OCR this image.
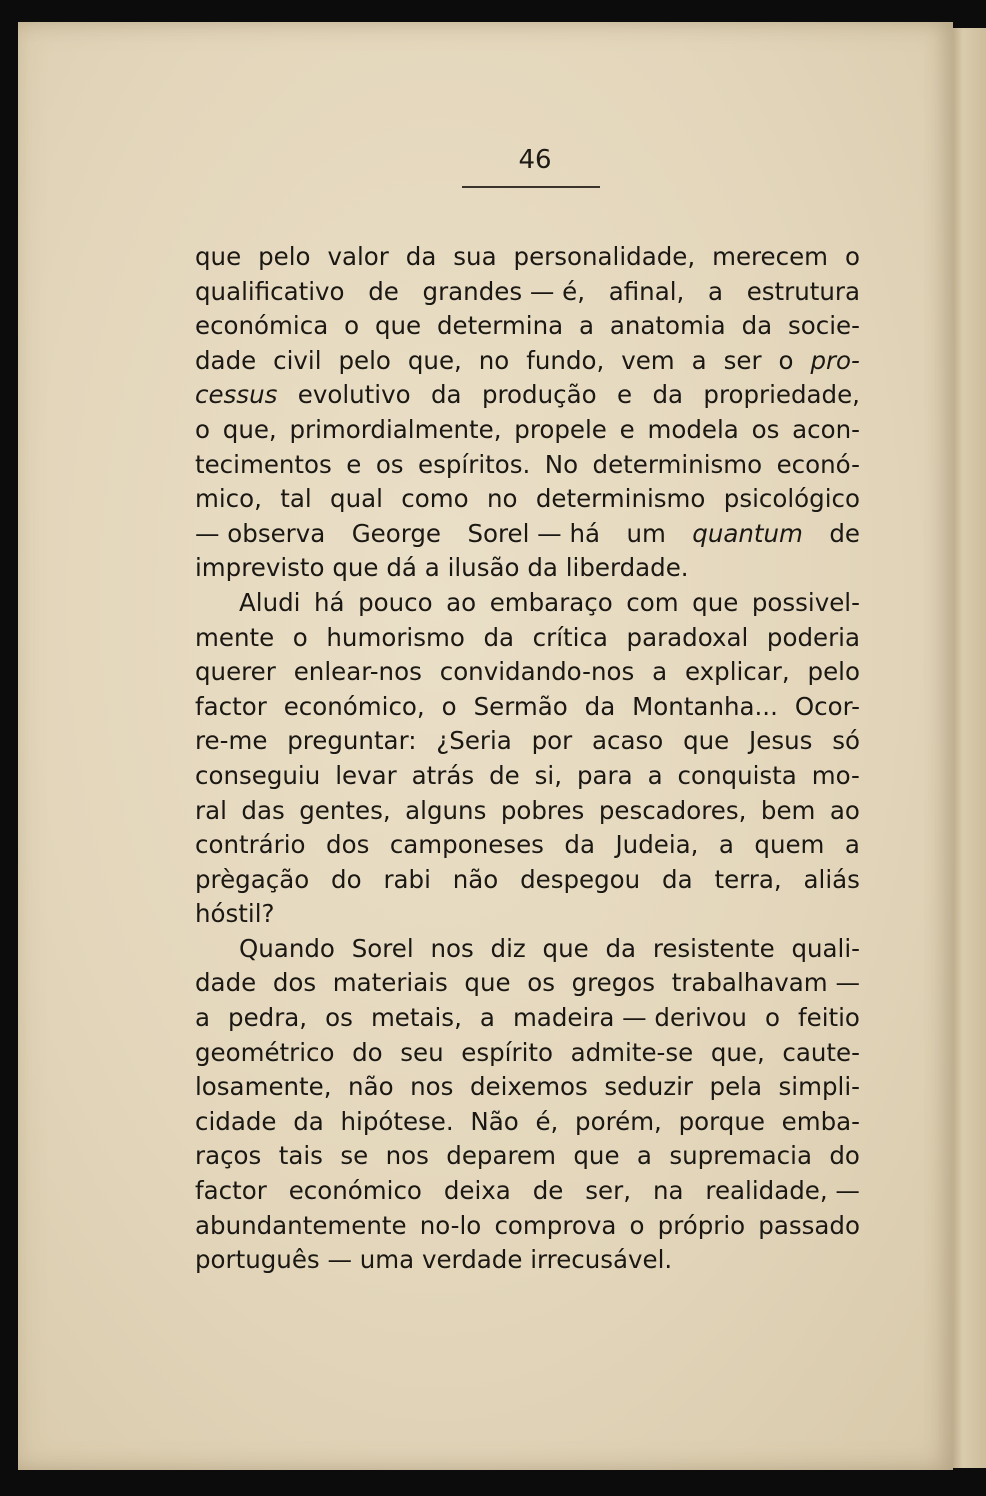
46
que pelo valor da sua personalidade, merecem o
qualificativo de grandes — é, afinal, a estrutura
económica o que determina a anatomia da socie-
dade civil pelo que, no fundo, vem a ser o pro-
cessus evolutivo da produção e da propriedade,
o que, primordialmente, propele e modela os acon-
tecimentos e os espíritos. No determinismo econó-
mico, tal qual como no determinismo psicológico
— observa George Sorel — há um quantum de
imprevisto que dá a ilusão da liberdade.
Aludi há pouco ao embaraço com que possivel-
mente o humorismo da crítica paradoxal poderia
querer enlear-nos convidando-nos a explicar, pelo
factor económico, o Sermão da Montanha... Ocor-
re-me preguntar: ¿Seria por acaso que Jesus só
conseguiu levar atrás de si, para a conquista mo-
ral das gentes, alguns pobres pescadores, bem ao
contrário dos camponeses da Judeia, a quem a
prègação do rabi não despegou da terra, aliás
hóstil?
Quando Sorel nos diz que da resistente quali-
dade dos materiais que os gregos trabalhavam —
a pedra, os metais, a madeira — derivou o feitio
geométrico do seu espírito admite-se que, caute-
losamente, não nos deixemos seduzir pela simpli-
cidade da hipótese. Não é, porém, porque emba-
raços tais se nos deparem que a supremacia do
factor económico deixa de ser, na realidade, —
abundantemente no-lo comprova o próprio passado
português — uma verdade irrecusável.
